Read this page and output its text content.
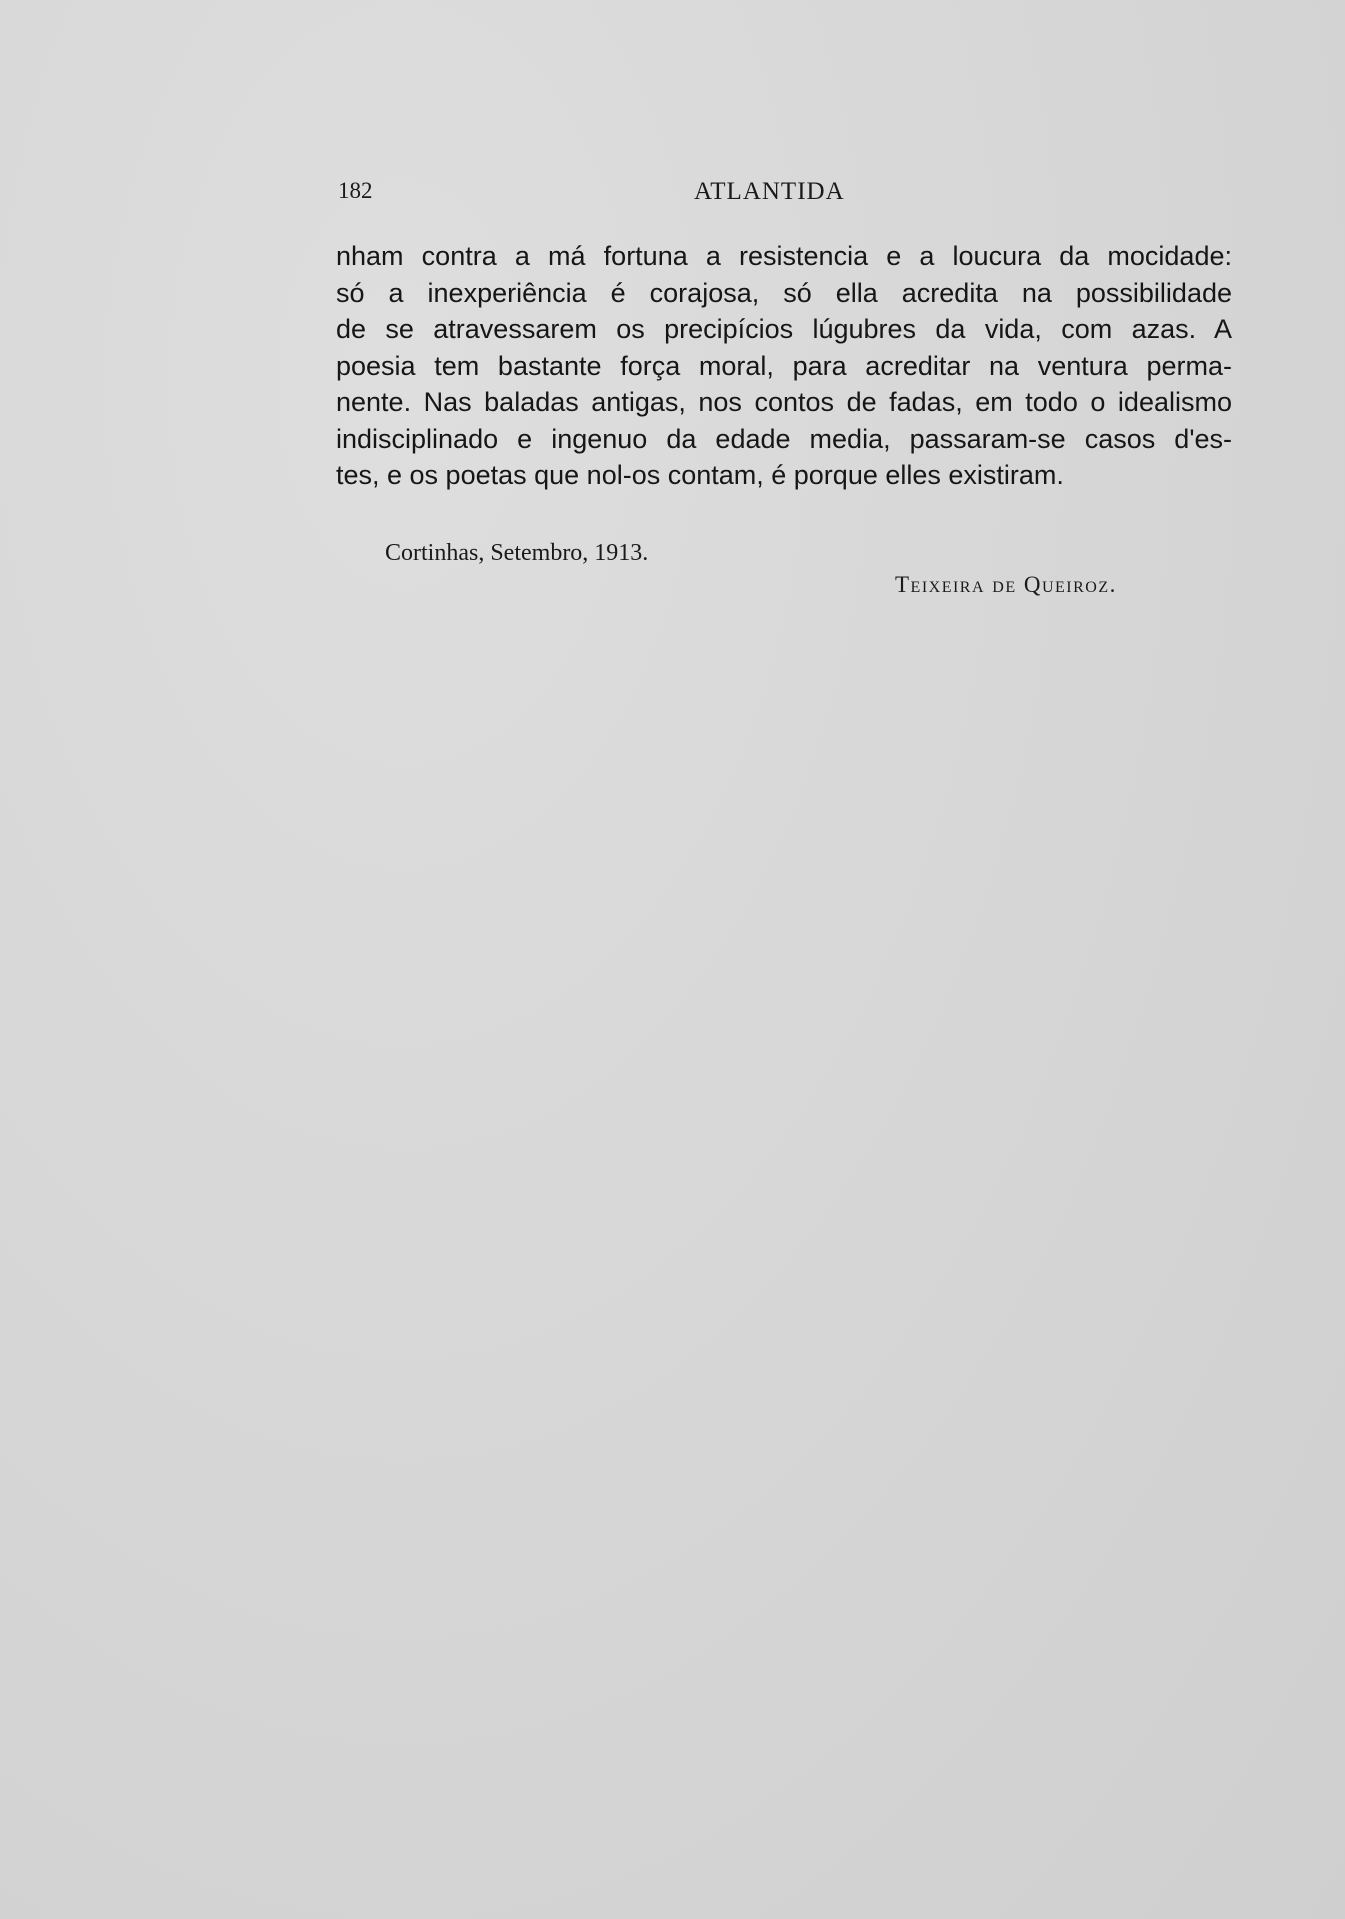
182	ATLANTIDA

nham contra a má fortuna a resistencia e a loucura da mocidade:
só a inexperiência é corajosa, só ella acredita na possibilidade
de se atravessarem os precipícios lúgubres da vida, com azas. A
poesia tem bastante força moral, para acreditar na ventura perma-
nente. Nas baladas antigas, nos contos de fadas, em todo o idealismo
indisciplinado e ingenuo da edade media, passaram-se casos d'es-
tes, e os poetas que nol-os contam, é porque elles existiram.

Cortinhas, Setembro, 1913.
Teixeira de Queiroz.
